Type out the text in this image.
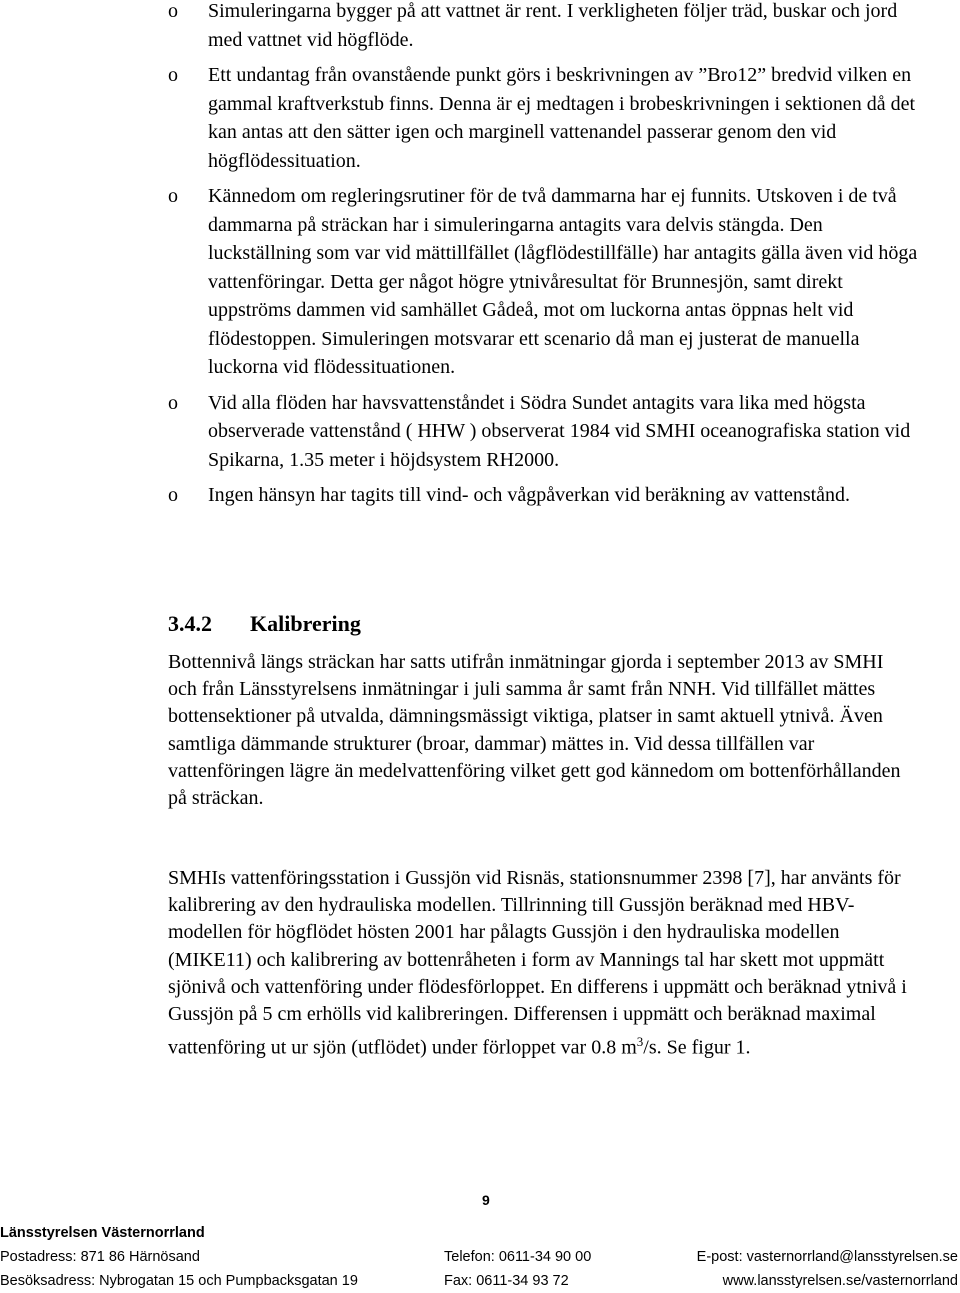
o Simuleringarna bygger på att vattnet är rent. I verkligheten följer träd, buskar och jord med vattnet vid högflöde.
o Ett undantag från ovanstående punkt görs i beskrivningen av ”Bro12” bredvid vilken en gammal kraftverkstub finns. Denna är ej medtagen i brobeskrivningen i sektionen då det kan antas att den sätter igen och marginell vattenandel passerar genom den vid högflödessituation.
o Kännedom om regleringsrutiner för de två dammarna har ej funnits. Utskoven i de två dammarna på sträckan har i simuleringarna antagits vara delvis stängda. Den luckställning som var vid mättillfället (lågflödestillfälle) har antagits gälla även vid höga vattenföringar. Detta ger något högre ytnivåresultat för Brunnesjön, samt direkt uppströms dammen vid samhället Gådeå, mot om luckorna antas öppnas helt vid flödestoppen. Simuleringen motsvarar ett scenario då man ej justerat de manuella luckorna vid flödessituationen.
o Vid alla flöden har havsvattenståndet i Södra Sundet antagits vara lika med högsta observerade vattenstånd ( HHW ) observerat 1984 vid SMHI oceanografiska station vid Spikarna, 1.35 meter i höjdsystem RH2000.
o Ingen hänsyn har tagits till vind- och vågpåverkan vid beräkning av vattenstånd.
3.4.2 Kalibrering
Bottennivå längs sträckan har satts utifrån inmätningar gjorda i september 2013 av SMHI och från Länsstyrelsens inmätningar i juli samma år samt från NNH. Vid tillfället mättes bottensektioner på utvalda, dämningsmässigt viktiga, platser in samt aktuell ytnivå. Även samtliga dämmande strukturer (broar, dammar) mättes in. Vid dessa tillfällen var vattenföringen lägre än medelvattenföring vilket gett god kännedom om bottenförhållanden på sträckan.
SMHIs vattenföringsstation i Gussjön vid Risnäs, stationsnummer 2398 [7], har använts för kalibrering av den hydrauliska modellen. Tillrinning till Gussjön beräknad med HBV-modellen för högflödet hösten 2001 har pålagts Gussjön i den hydrauliska modellen (MIKE11) och kalibrering av bottenråheten i form av Mannings tal har skett mot uppmätt sjönivå och vattenföring under flödesförloppet. En differens i uppmätt och beräknad ytnivå i Gussjön på 5 cm erhölls vid kalibreringen. Differensen i uppmätt och beräknad maximal vattenföring ut ur sjön (utflödet) under förloppet var 0.8 $m^3/s$. Se figur 1.
9
Länsstyrelsen Västernorrland
Postadress: 871 86 Härnösand	Telefon: 0611-34 90 00	E-post: vasternorrland@lansstyrelsen.se
Besöksadress: Nybrogatan 15 och Pumpbacksgatan 19	Fax: 0611-34 93 72	www.lansstyrelsen.se/vasternorrland
